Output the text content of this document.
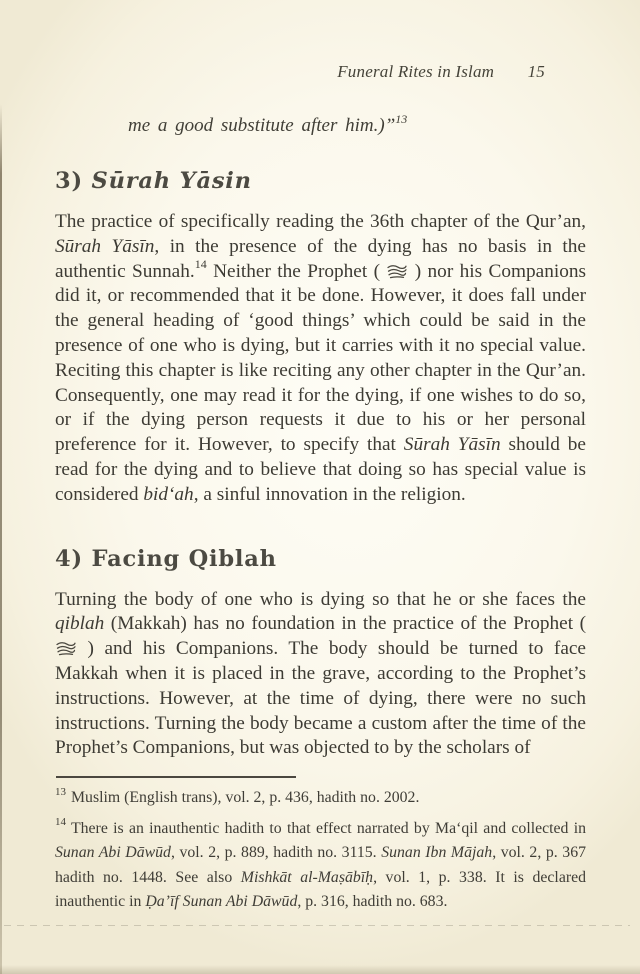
Funeral Rites in Islam 15
me a good substitute after him.)”$^{13}$
3) Sūrah Yāsin

The practice of specifically reading the 36th chapter of the Qur’an, Sūrah Yāsīn, in the presence of the dying has no basis in the authentic Sunnah.$^{14}$ Neither the Prophet ( ) nor his Companions did it, or recommended that it be done. However, it does fall under the general heading of ‘good things’ which could be said in the presence of one who is dying, but it carries with it no special value. Reciting this chapter is like reciting any other chapter in the Qur’an. Consequently, one may read it for the dying, if one wishes to do so, or if the dying person requests it due to his or her personal preference for it. However, to specify that Sūrah Yāsīn should be read for the dying and to believe that doing so has special value is considered bid‘ah, a sinful innovation in the religion.

4) Facing Qiblah

Turning the body of one who is dying so that he or she faces the qiblah (Makkah) has no foundation in the practice of the Prophet (
) and his Companions. The body should be turned to face Makkah when it is placed in the grave, according to the Prophet’s instructions. However, at the time of dying, there were no such instructions. Turning the body became a custom after the time of the Prophet’s Companions, but was objected to by the scholars of

$^{13}$ Muslim (English trans), vol. 2, p. 436, hadith no. 2002.

$^{14}$ There is an inauthentic hadith to that effect narrated by Ma‘qil and collected in Sunan Abi Dāwūd, vol. 2, p. 889, hadith no. 3115. Sunan Ibn Mājah, vol. 2, p. 367 hadith no. 1448. See also Mishkāt al-Maṣābīḥ, vol. 1, p. 338. It is declared inauthentic in Ḍa’īf Sunan Abi Dāwūd, p. 316, hadith no. 683.
